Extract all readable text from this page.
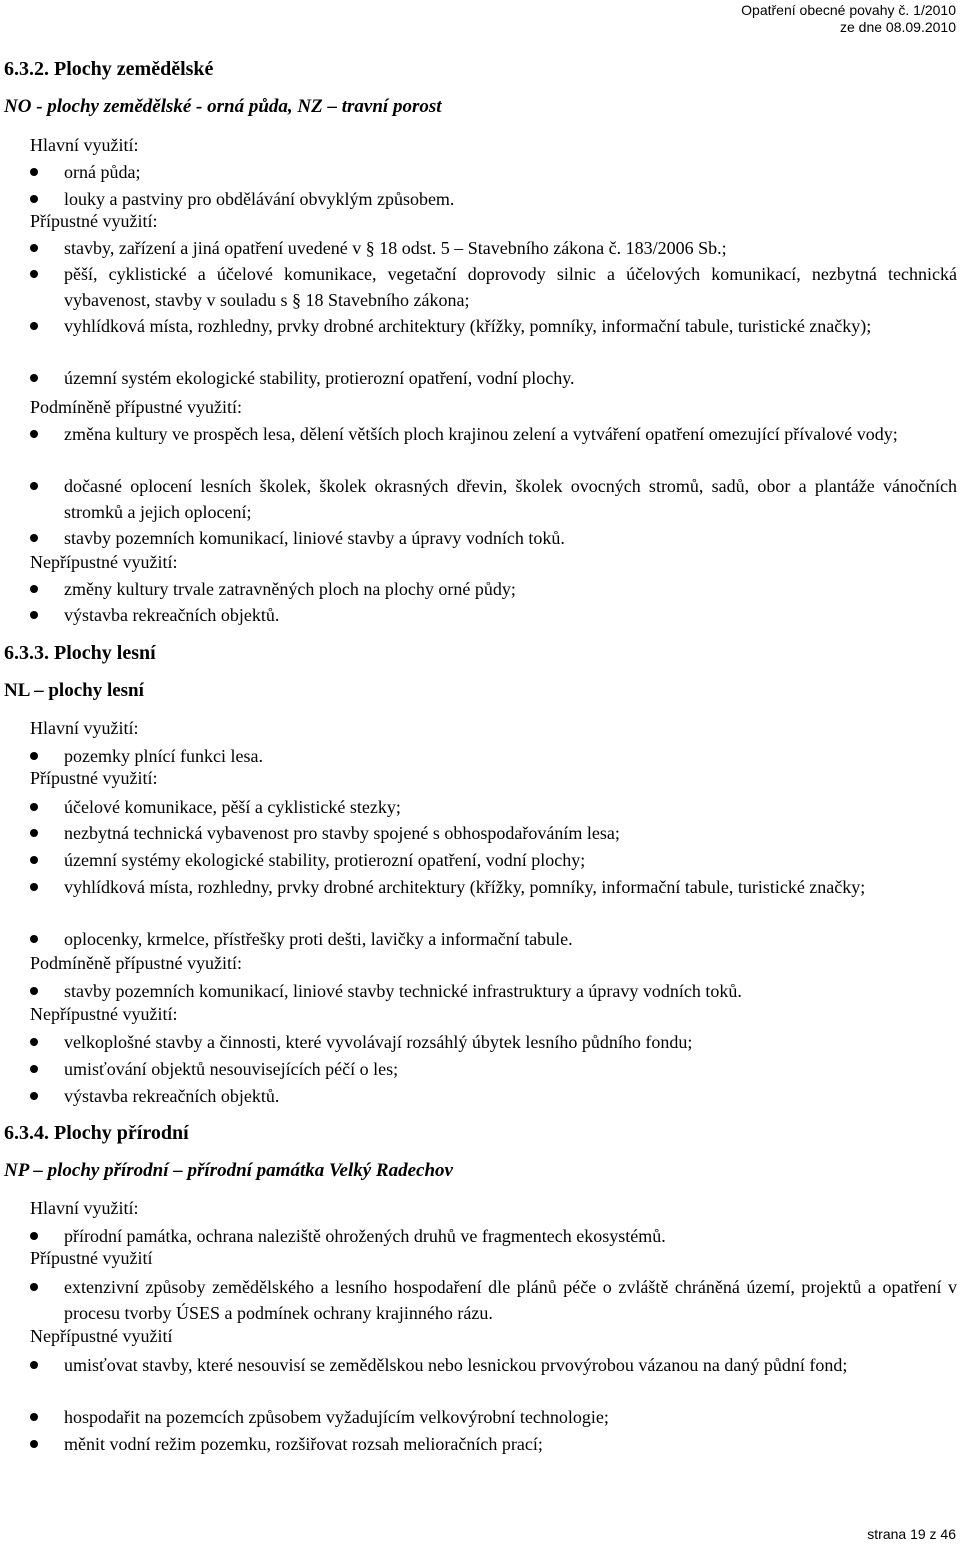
Opatření obecné povahy č. 1/2010
ze dne 08.09.2010
6.3.2. Plochy zemědělské
NO - plochy zemědělské - orná půda, NZ – travní porost
Hlavní využití:
orná půda;
louky a pastviny pro obdělávání obvyklým způsobem.
Přípustné využití:
stavby, zařízení a jiná opatření uvedené v § 18 odst. 5 – Stavebního zákona č. 183/2006 Sb.;
pěší, cyklistické a účelové komunikace, vegetační doprovody silnic a účelových komunikací, nezbytná technická vybavenost, stavby v souladu s § 18 Stavebního zákona;
vyhlídková místa, rozhledny, prvky drobné architektury (křížky, pomníky, informační tabule, turistické značky);
územní systém ekologické stability, protierozní opatření, vodní plochy.
Podmíněně přípustné využití:
změna kultury ve prospěch lesa, dělení větších ploch krajinou zelení a vytváření opatření omezující přívalové vody;
dočasné oplocení lesních školek, školek okrasných dřevin, školek ovocných stromů, sadů, obor a plantáže vánočních stromků a jejich oplocení;
stavby pozemních komunikací, liniové stavby a úpravy vodních toků.
Nepřípustné využití:
změny kultury trvale zatravněných ploch na plochy orné půdy;
výstavba rekreačních objektů.
6.3.3. Plochy lesní
NL – plochy lesní
Hlavní využití:
pozemky plnící funkci lesa.
Přípustné využití:
účelové komunikace, pěší a cyklistické stezky;
nezbytná technická vybavenost pro stavby spojené s obhospodařováním lesa;
územní systémy ekologické stability, protierozní opatření, vodní plochy;
vyhlídková místa, rozhledny, prvky drobné architektury (křížky, pomníky, informační tabule, turistické značky;
oplocenky, krmelce, přístřešky proti dešti, lavičky a informační tabule.
Podmíněně přípustné využití:
stavby pozemních komunikací, liniové stavby technické infrastruktury a úpravy vodních toků.
Nepřípustné využití:
velkoplošné stavby a činnosti, které vyvolávají rozsáhlý úbytek lesního půdního fondu;
umisťování objektů nesouvisejících péčí o les;
výstavba rekreačních objektů.
6.3.4. Plochy přírodní
NP – plochy přírodní – přírodní památka Velký Radechov
Hlavní využití:
přírodní památka, ochrana naleziště ohrožených druhů ve fragmentech ekosystémů.
Přípustné využití
extenzivní způsoby zemědělského a lesního hospodaření dle plánů péče o zvláště chráněná území, projektů a opatření v procesu tvorby ÚSES a podmínek ochrany krajinného rázu.
Nepřípustné využití
umisťovat stavby, které nesouvisí se zemědělskou nebo lesnickou prvovýrobou vázanou na daný půdní fond;
hospodařit na pozemcích způsobem vyžadujícím velkovýrobní technologie;
měnit vodní režim pozemku, rozšiřovat rozsah melioračních prací;
strana 19 z 46
